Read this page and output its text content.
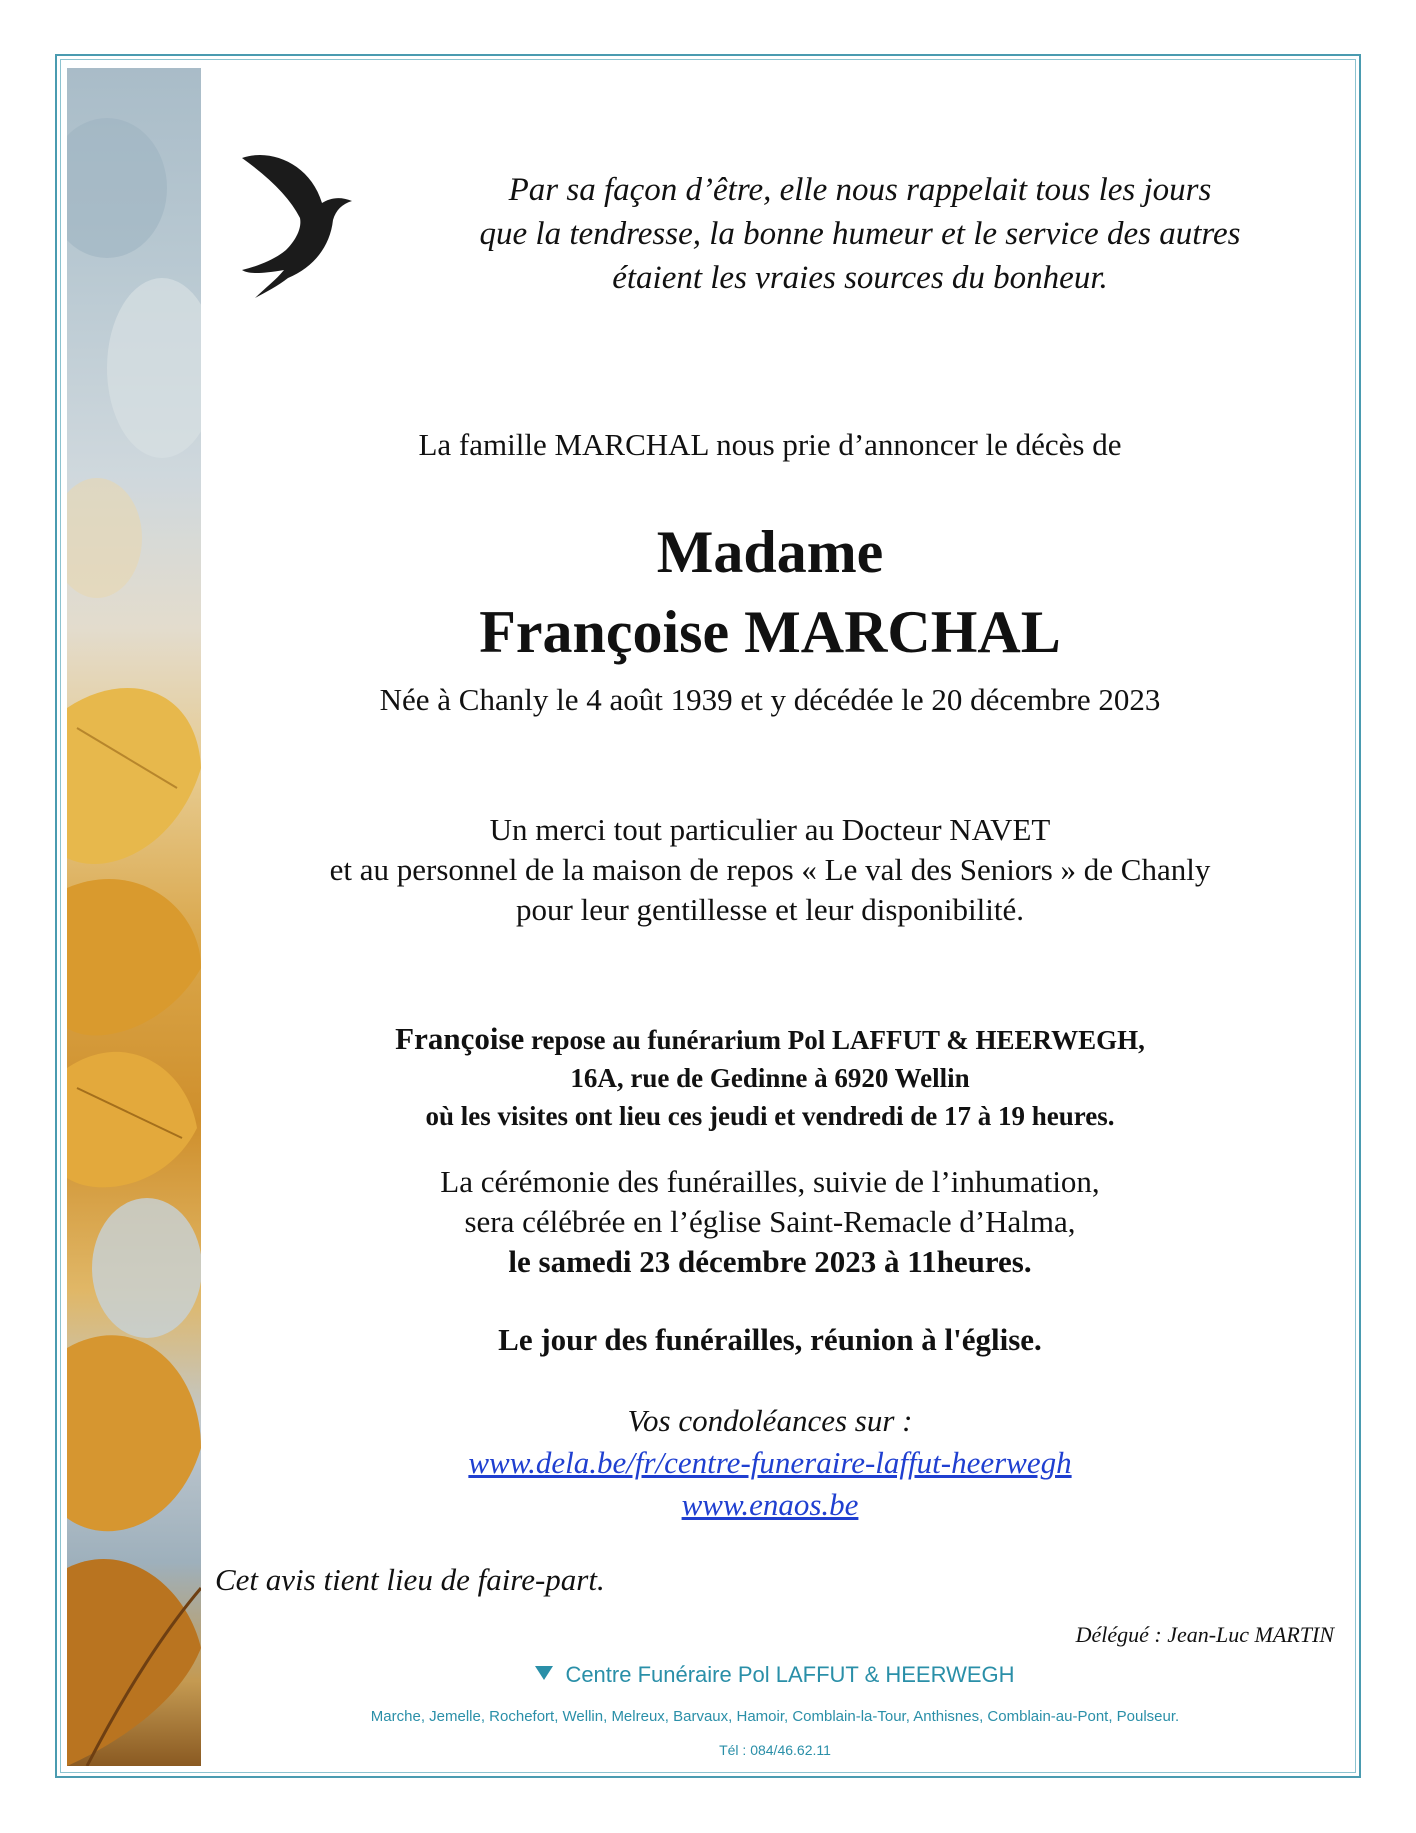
Par sa façon d’être, elle nous rappelait tous les jours
que la tendresse, la bonne humeur et le service des autres
étaient les vraies sources du bonheur.
La famille MARCHAL nous prie d’annoncer le décès de
Madame
Françoise MARCHAL
Née à Chanly le 4 août 1939 et y décédée le 20 décembre 2023
Un merci tout particulier au Docteur NAVET
et au personnel de la maison de repos « Le val des Seniors » de Chanly
pour leur gentillesse et leur disponibilité.
Françoise repose au funérarium Pol LAFFUT & HEERWEGH,
16A, rue de Gedinne à 6920 Wellin
où les visites ont lieu ces jeudi et vendredi de 17 à 19 heures.
La cérémonie des funérailles, suivie de l’inhumation,
sera célébrée en l’église Saint-Remacle d’Halma,
le samedi 23 décembre 2023 à 11heures.
Le jour des funérailles, réunion à l'église.
Vos condoléances sur :
www.dela.be/fr/centre-funeraire-laffut-heerwegh
www.enaos.be
Cet avis tient lieu de faire-part.
Délégué : Jean-Luc MARTIN
Centre Funéraire Pol LAFFUT & HEERWEGH
Marche, Jemelle, Rochefort, Wellin, Melreux, Barvaux, Hamoir, Comblain-la-Tour, Anthisnes, Comblain-au-Pont, Poulseur.
Tél : 084/46.62.11
